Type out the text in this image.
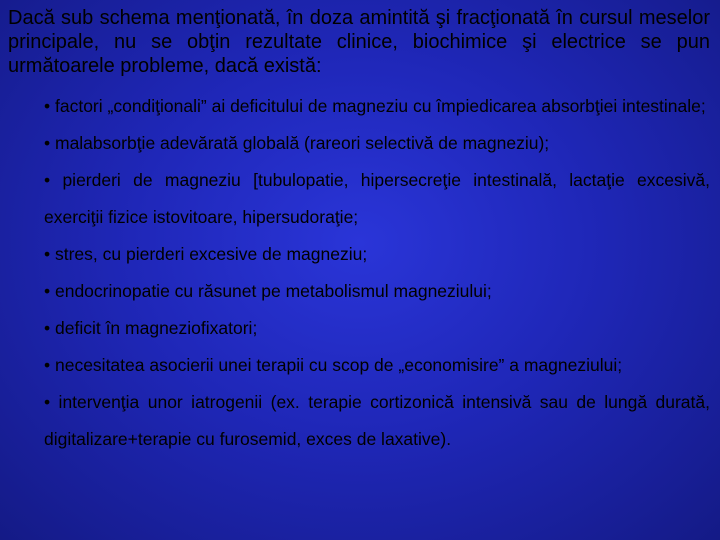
Dacă sub schema menţionată, în doza amintită şi fracţionată în cursul meselor principale, nu se obţin rezultate clinice, biochimice şi electrice se pun următoarele probleme, dacă există:

• factori „condiţionali” ai deficitului de magneziu cu împiedicarea absorbţiei intestinale;
• malabsorbţie adevărată globală (rareori selectivă de magneziu);
• pierderi de magneziu [tubulopatie, hipersecreţie intestinală, lactaţie excesivă, exerciţii fizice istovitoare, hipersudoraţie;
• stres, cu pierderi excesive de magneziu;
• endocrinopatie cu răsunet pe metabolismul magneziului;
• deficit în magneziofixatori;
• necesitatea asocierii unei terapii cu scop de „economisire” a magneziului;
• intervenţia unor iatrogenii (ex. terapie cortizonică intensivă sau de lungă durată, digitalizare+terapie cu furosemid, exces de laxative).
